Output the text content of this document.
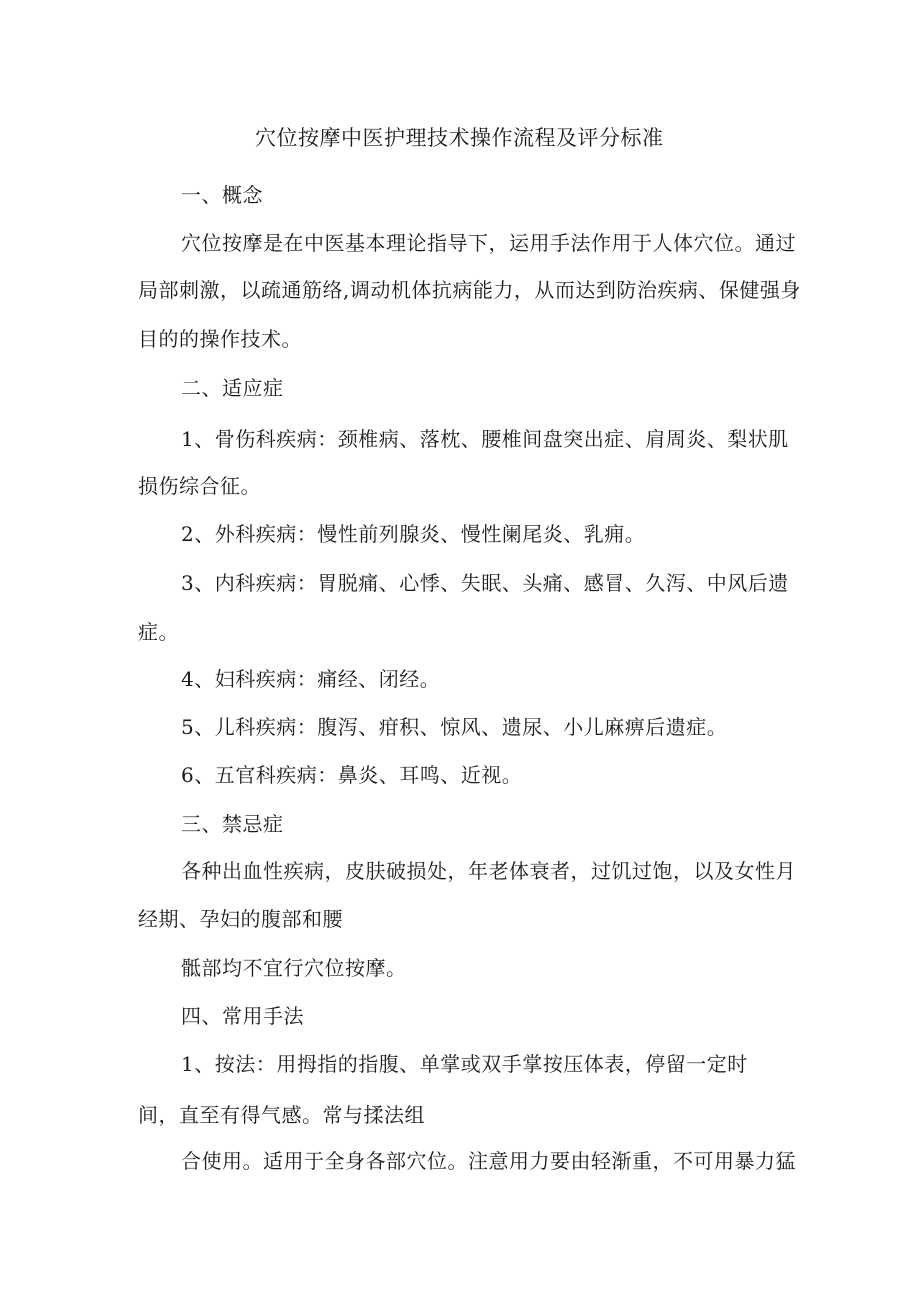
穴位按摩中医护理技术操作流程及评分标准
一、概念
穴位按摩是在中医基本理论指导下，运用手法作用于人体穴位。通过
局部刺激，以疏通筋络,调动机体抗病能力，从而达到防治疾病、保健强身
目的的操作技术。
二、适应症
1、骨伤科疾病：颈椎病、落枕、腰椎间盘突出症、肩周炎、梨状肌
损伤综合征。
2、外科疾病：慢性前列腺炎、慢性阑尾炎、乳痈。
3、内科疾病：胃脱痛、心悸、失眠、头痛、感冒、久泻、中风后遗
症。
4、妇科疾病：痛经、闭经。
5、儿科疾病：腹泻、疳积、惊风、遗尿、小儿麻痹后遗症。
6、五官科疾病：鼻炎、耳鸣、近视。
三、禁忌症
各种出血性疾病，皮肤破损处，年老体衰者，过饥过饱，以及女性月
经期、孕妇的腹部和腰
骶部均不宜行穴位按摩。
四、常用手法
1、按法：用拇指的指腹、单掌或双手掌按压体表，停留一定时
间，直至有得气感。常与揉法组
合使用。适用于全身各部穴位。注意用力要由轻渐重，不可用暴力猛
